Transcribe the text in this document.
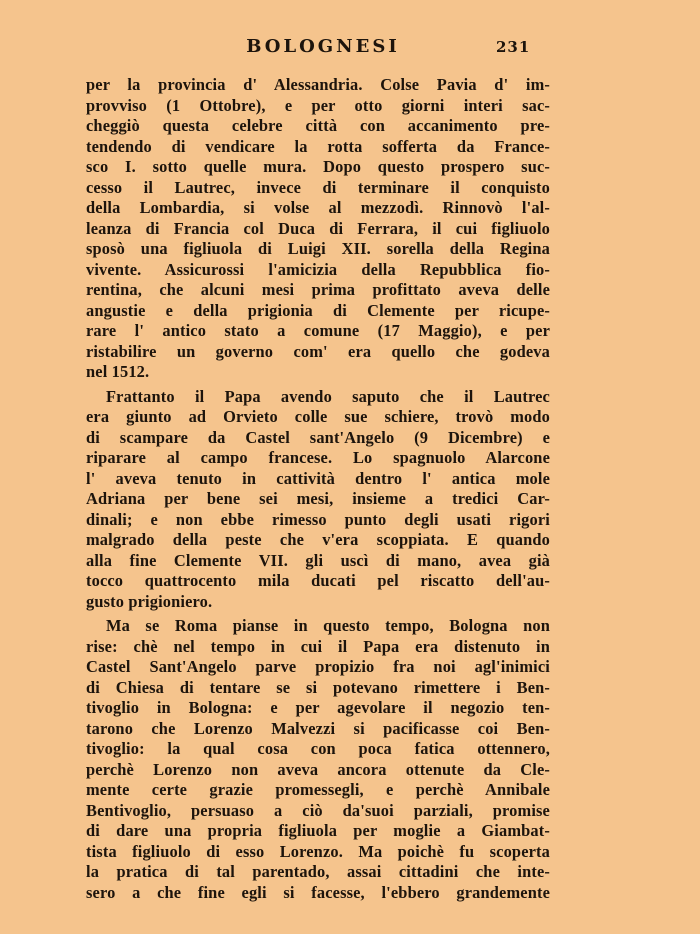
BOLOGNESI	231
per la provincia d' Alessandria. Colse Pavia d' im-
provviso (1 Ottobre), e per otto giorni interi sac-
cheggiò questa celebre città con accanimento pre-
tendendo di vendicare la rotta sofferta da France-
sco I. sotto quelle mura. Dopo questo prospero suc-
cesso il Lautrec, invece di terminare il conquisto
della Lombardia, si volse al mezzodì. Rinnovò l'al-
leanza di Francia col Duca di Ferrara, il cui figliuolo
sposò una figliuola di Luigi XII. sorella della Regina
vivente. Assicurossi l'amicizia della Repubblica fio-
rentina, che alcuni mesi prima profittato aveva delle
angustie e della prigionia di Clemente per ricupe-
rare l' antico stato a comune (17 Maggio), e per
ristabilire un governo com' era quello che godeva
nel 1512.
Frattanto il Papa avendo saputo che il Lautrec
era giunto ad Orvieto colle sue schiere, trovò modo
di scampare da Castel sant'Angelo (9 Dicembre) e
riparare al campo francese. Lo spagnuolo Alarcone
l' aveva tenuto in cattività dentro l' antica mole
Adriana per bene sei mesi, insieme a tredici Car-
dinali; e non ebbe rimesso punto degli usati rigori
malgrado della peste che v'era scoppiata. E quando
alla fine Clemente VII. gli uscì di mano, avea già
tocco quattrocento mila ducati pel riscatto dell'au-
gusto prigioniero.
Ma se Roma pianse in questo tempo, Bologna non
rise: chè nel tempo in cui il Papa era distenuto in
Castel Sant'Angelo parve propizio fra noi agl'inimici
di Chiesa di tentare se si potevano rimettere i Ben-
tivoglio in Bologna: e per agevolare il negozio ten-
tarono che Lorenzo Malvezzi si pacificasse coi Ben-
tivoglio: la qual cosa con poca fatica ottennero,
perchè Lorenzo non aveva ancora ottenute da Cle-
mente certe grazie promessegli, e perchè Annibale
Bentivoglio, persuaso a ciò da'suoi parziali, promise
di dare una propria figliuola per moglie a Giambat-
tista figliuolo di esso Lorenzo. Ma poichè fu scoperta
la pratica di tal parentado, assai cittadini che inte-
sero a che fine egli si facesse, l'ebbero grandemente
